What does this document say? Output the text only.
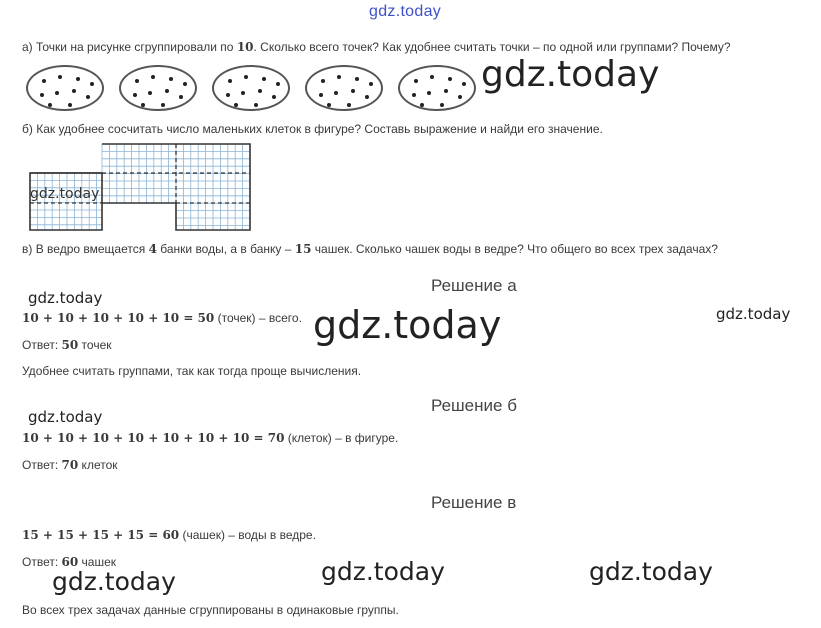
gdz.today
а) Точки на рисунке сгруппировали по 10. Сколько всего точек? Как удобнее считать точки – по одной или группами? Почему?
gdz.today
б) Как удобнее сосчитать число маленьких клеток в фигуре? Составь выражение и найди его значение.
gdz.today
в) В ведро вмещается 4 банки воды, а в банку – 15 чашек. Сколько чашек воды в ведре? Что общего во всех трех задачах?
Решение а
gdz.today
10 + 10 + 10 + 10 + 10 = 50 (точек) – всего. gdz.today	gdz.today
Ответ: 50 точек
Удобнее считать группами, так как тогда проще вычисления.
Решение б
gdz.today
10 + 10 + 10 + 10 + 10 + 10 + 10 = 70 (клеток) – в фигуре.
Ответ: 70 клеток
Решение в
15 + 15 + 15 + 15 = 60 (чашек) – воды в ведре.
Ответ: 60 чашек
gdz.today	gdz.today	gdz.today
Во всех трех задачах данные сгруппированы в одинаковые группы.
